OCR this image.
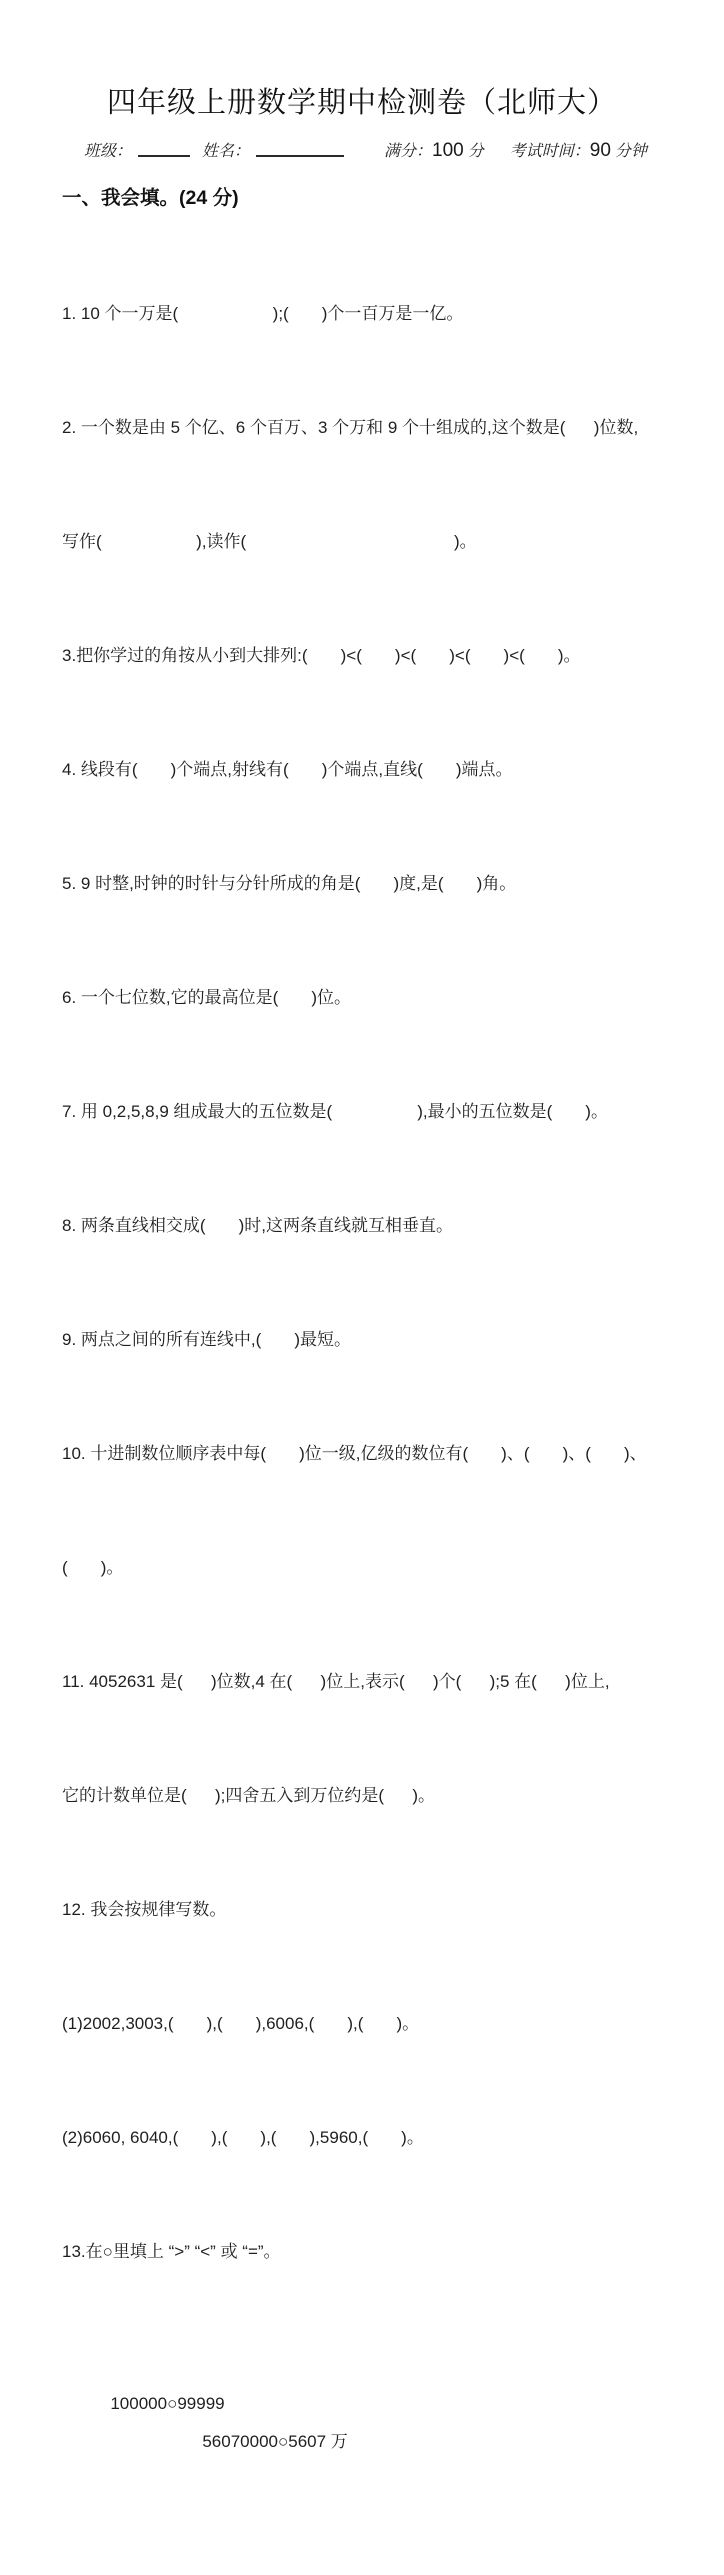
四年级上册数学期中检测卷（北师大）
班级：	姓名：	满分： 100 分 考试时间： 90 分钟
一、我会填。(24 分)

1. 10 个一万是(                    );(       )个一百万是一亿。

2. 一个数是由 5 个亿、6 个百万、3 个万和 9 个十组成的,这个数是(      )位数,

写作(                    ),读作(                                            )。

3.把你学过的角按从小到大排列:(       )<(       )<(       )<(       )<(       )。

4. 线段有(       )个端点,射线有(       )个端点,直线(       )端点。

5. 9 时整,时钟的时针与分针所成的角是(       )度,是(       )角。

6. 一个七位数,它的最高位是(       )位。

7. 用 0,2,5,8,9 组成最大的五位数是(                  ),最小的五位数是(       )。

8. 两条直线相交成(       )时,这两条直线就互相垂直。

9. 两点之间的所有连线中,(       )最短。

10. 十进制数位顺序表中每(       )位一级,亿级的数位有(       )、(       )、(       )、

(       )。

11. 4052631 是(      )位数,4 在(      )位上,表示(      )个(      );5 在(      )位上,

它的计数单位是(      );四舍五入到万位约是(      )。

12. 我会按规律写数。

(1)2002,3003,(       ),(       ),6006,(       ),(       )。

(2)6060, 6040,(       ),(       ),(       ),5960,(       )。

13.在○里填上 “>” “<” 或 “=”。

100000○99999
56070000○5607 万
